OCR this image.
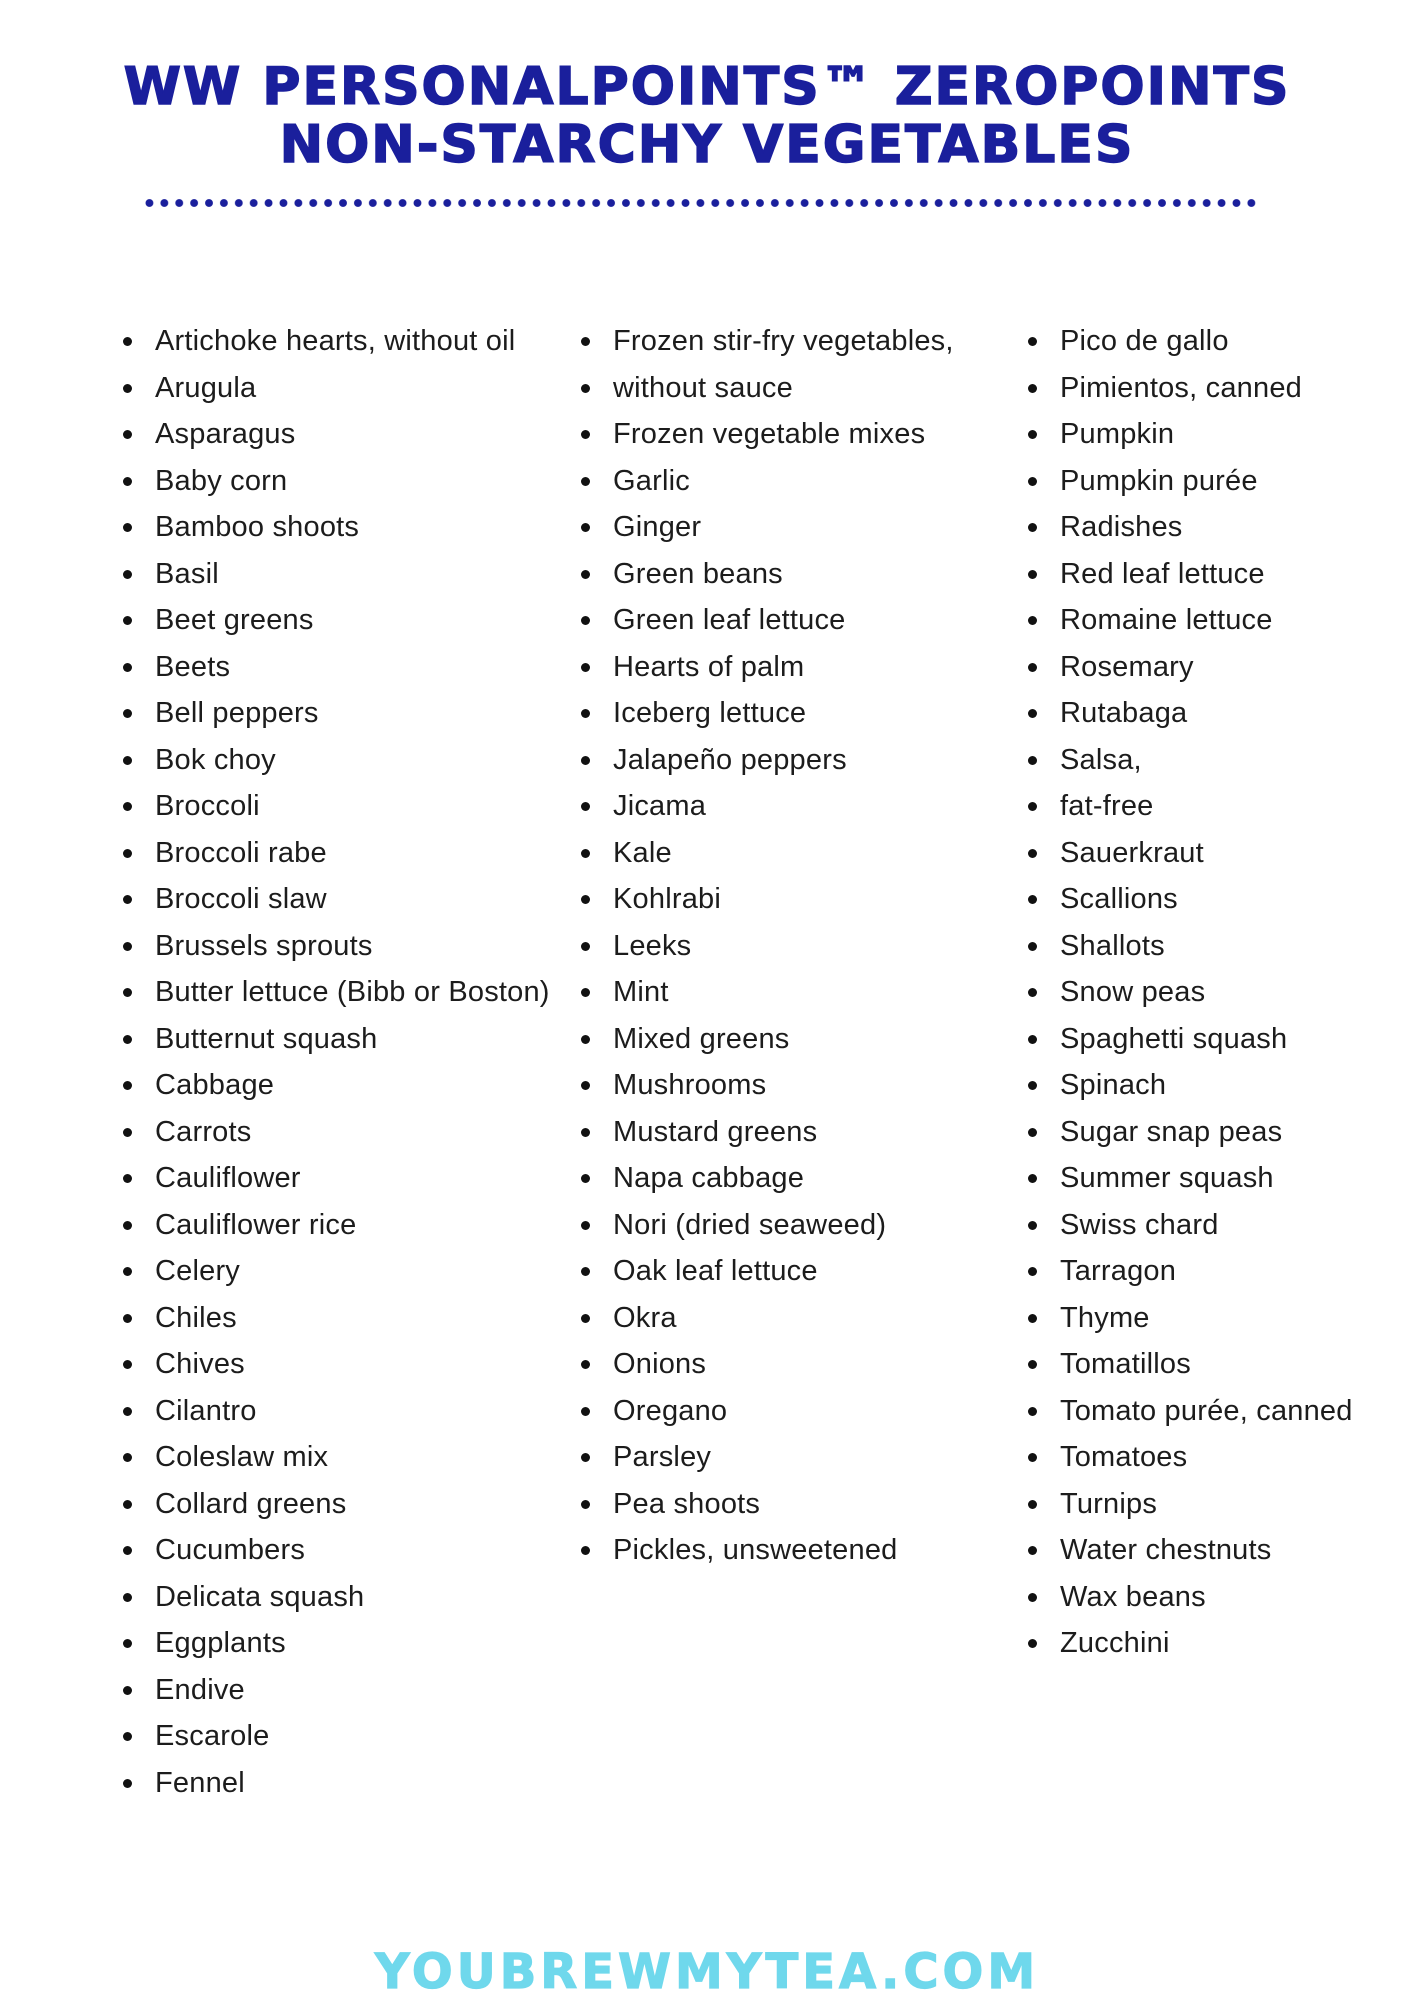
WW PERSONALPOINTS™ ZEROPOINTS
NON-STARCHY VEGETABLES
Artichoke hearts, without oil
Arugula
Asparagus
Baby corn
Bamboo shoots
Basil
Beet greens
Beets
Bell peppers
Bok choy
Broccoli
Broccoli rabe
Broccoli slaw
Brussels sprouts
Butter lettuce (Bibb or Boston)
Butternut squash
Cabbage
Carrots
Cauliflower
Cauliflower rice
Celery
Chiles
Chives
Cilantro
Coleslaw mix
Collard greens
Cucumbers
Delicata squash
Eggplants
Endive
Escarole
Fennel
Frozen stir-fry vegetables,
without sauce
Frozen vegetable mixes
Garlic
Ginger
Green beans
Green leaf lettuce
Hearts of palm
Iceberg lettuce
Jalapeño peppers
Jicama
Kale
Kohlrabi
Leeks
Mint
Mixed greens
Mushrooms
Mustard greens
Napa cabbage
Nori (dried seaweed)
Oak leaf lettuce
Okra
Onions
Oregano
Parsley
Pea shoots
Pickles, unsweetened
Pico de gallo
Pimientos, canned
Pumpkin
Pumpkin purée
Radishes
Red leaf lettuce
Romaine lettuce
Rosemary
Rutabaga
Salsa,
fat-free
Sauerkraut
Scallions
Shallots
Snow peas
Spaghetti squash
Spinach
Sugar snap peas
Summer squash
Swiss chard
Tarragon
Thyme
Tomatillos
Tomato purée, canned
Tomatoes
Turnips
Water chestnuts
Wax beans
Zucchini
YOUBREWMYTEA.COM
